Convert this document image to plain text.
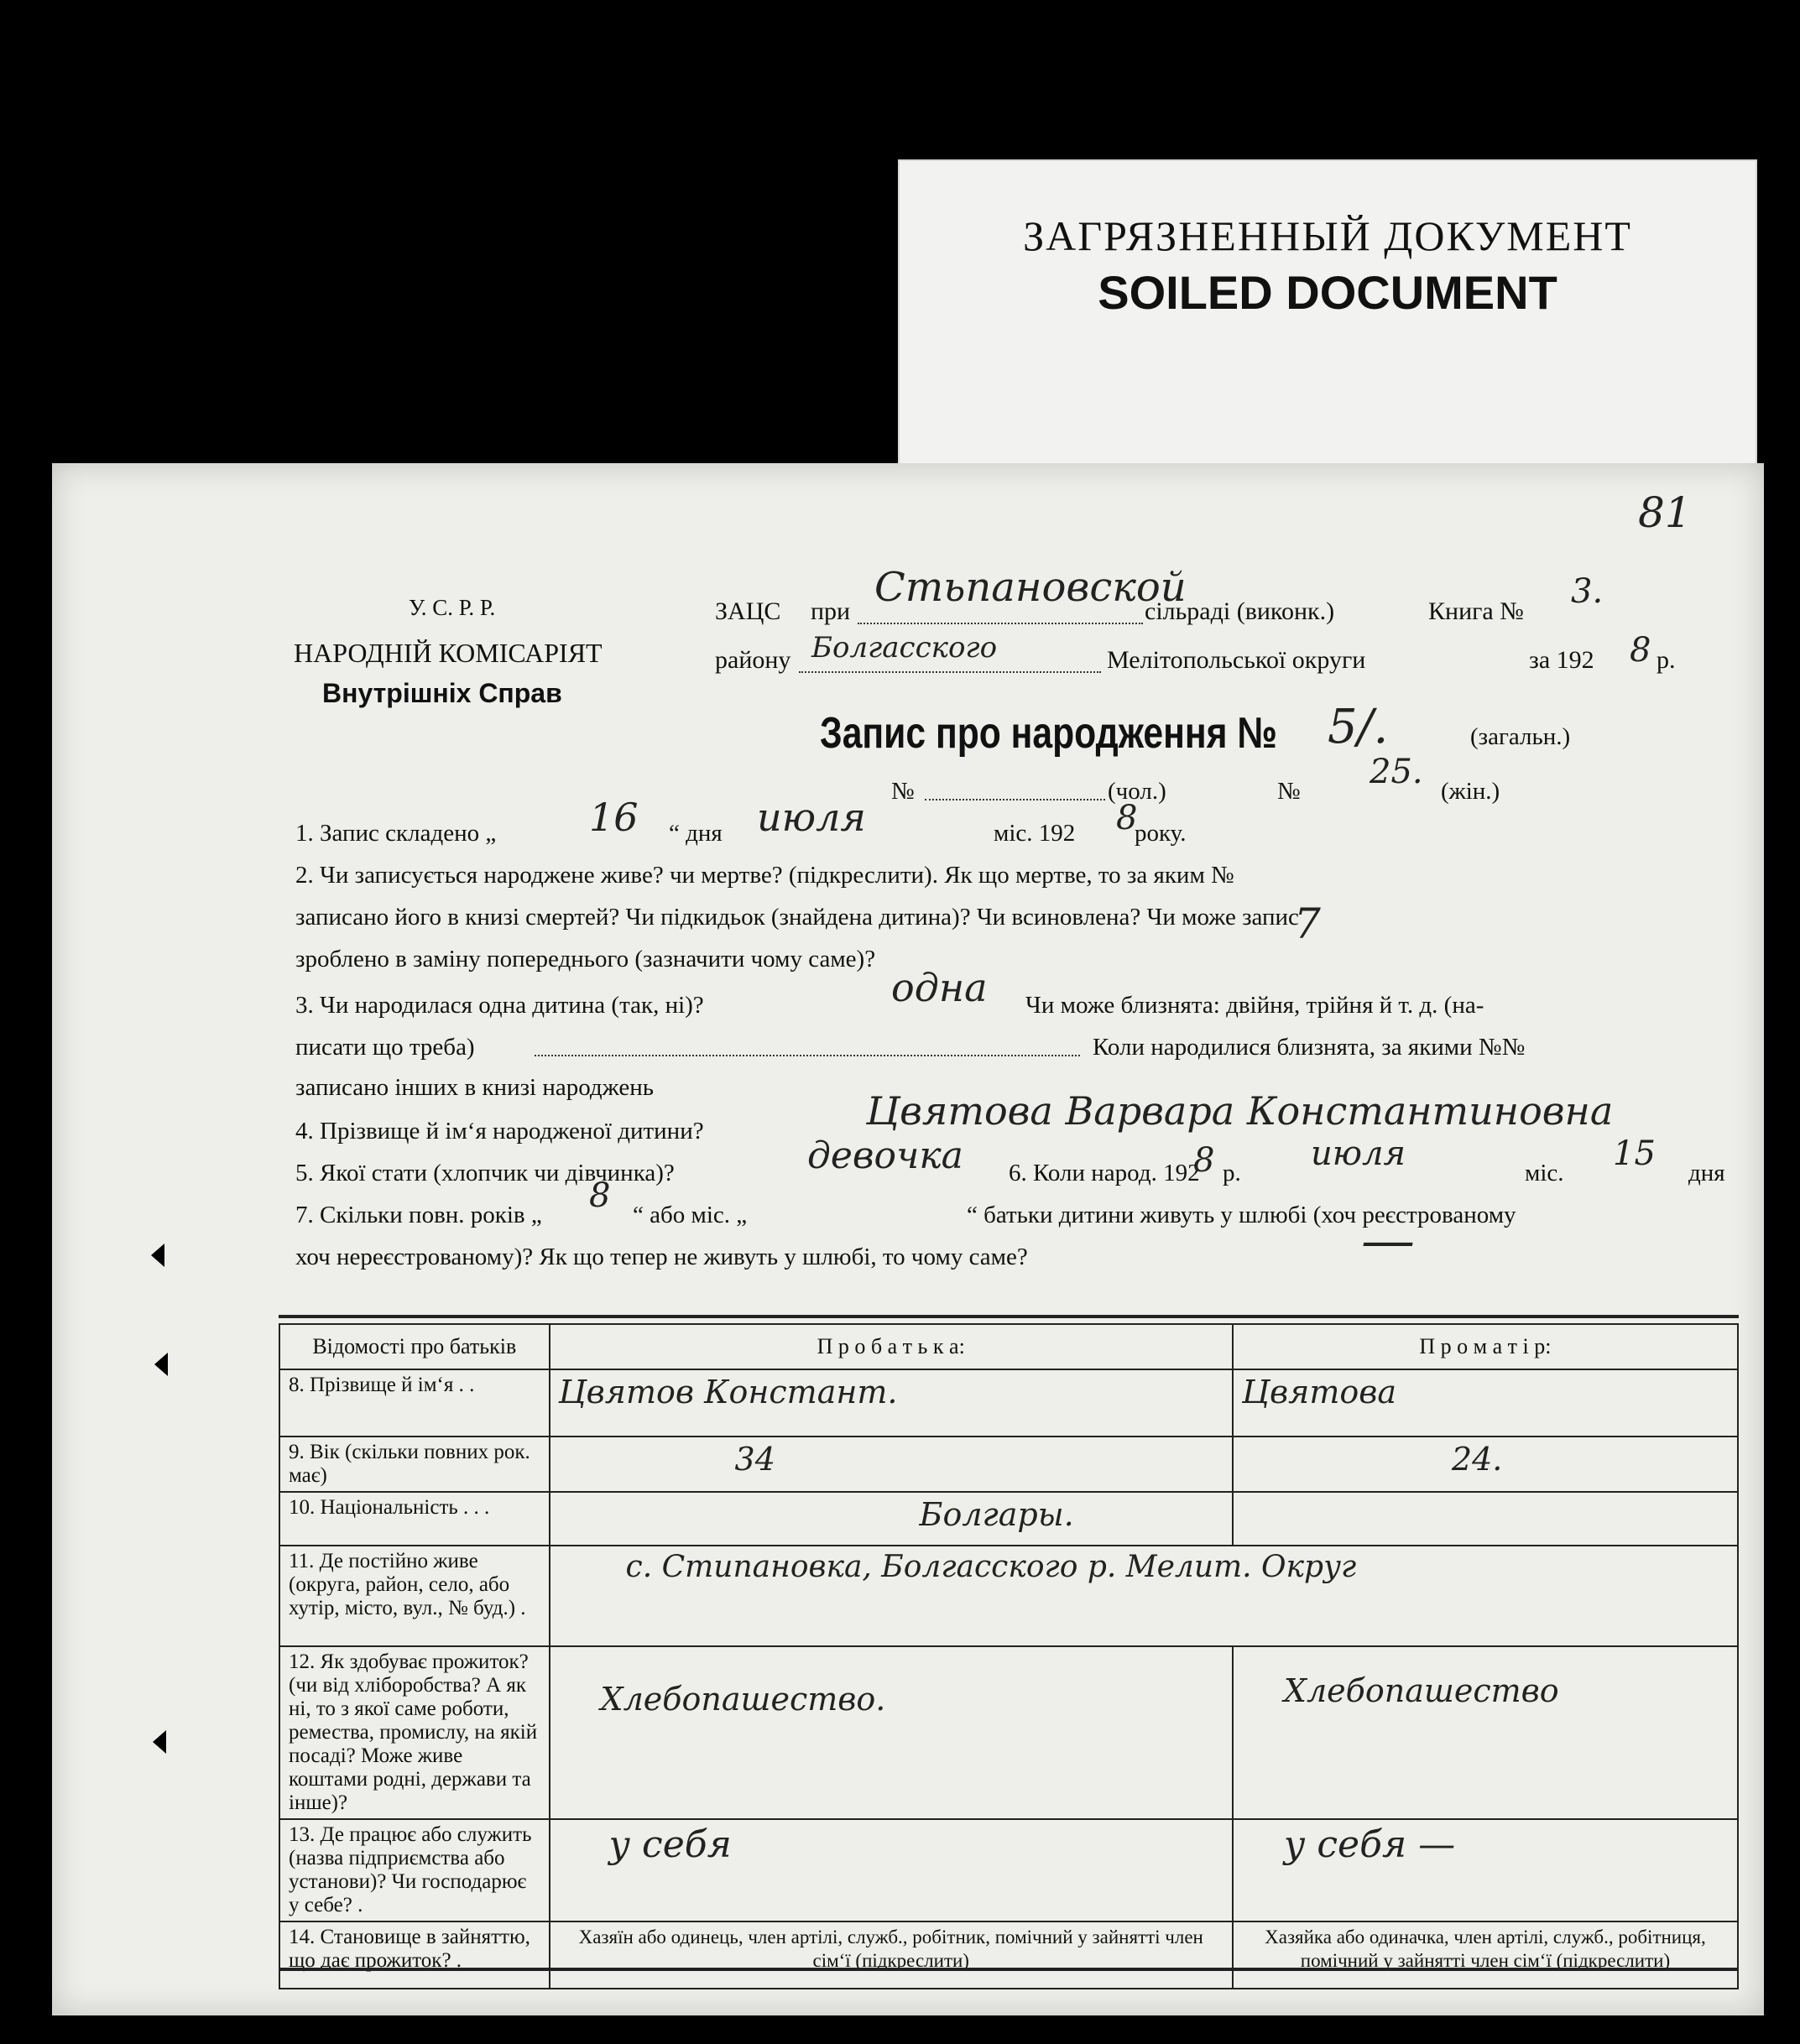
ЗАГРЯЗНЕННЫЙ ДОКУМЕНТ
SOILED DOCUMENT
81
У. С. Р. Р.
НАРОДНІЙ КОМІСАРІЯТ
Внутрішніх Справ
ЗАЦС при
Стьпановской
сільраді (виконк.)	Книга №
3.
району Болгасского	Мелітопольської округи	за 192 8 р.
Запис про народження № 5/.	(загальн.)
№	(чол.)	№ 25. (жін.)
1. Запис складено „ 16 “ дня июля	міс. 192 8
року.
2. Чи записується народжене живе? чи мертве? (підкреслити). Як що мертве, то за яким №
записано його в книзі смертей? Чи підкидьок (знайдена дитина)? Чи всиновлена? Чи може запис
зроблено в заміну попереднього (зазначити чому саме)?
7
3. Чи народилася одна дитина (так, ні)?	одна Чи може близнята: двійня, трійня й т. д. (на-
писати що треба)	Коли народилися близнята, за якими №№
записано інших в книзі народжень
4. Прізвище й ім‘я народженої дитини?	Цвятова Варвара Константиновна
5. Якої стати (хлопчик чи дівчинка)?	девочка 6. Коли народ. 192
8 р. июля	міс. 15 дня
7. Скільки повн. років „ 8 “ або міс. „	“ батьки дитини живуть у шлюбі (хоч реєстрованому
хоч нереєстрованому)? Як що тепер не живуть у шлюбі, то чому саме?	—
Відомості про батьків	П р о б а т ь к а:	П р о м а т і р:
8. Прізвище й ім‘я . .	Цвятов Констант.	Цвятова
9. Вік (скільки повних рок. має)	34	24.
10. Національність . . .	Болгары.	
11. Де постійно живе (округа, район, село, або хутір, місто, вул., № буд.) .	с. Стипановка, Болгасского р. Мелит. Округ	
12. Як здобуває прожиток? (чи від хліборобства? А як ні, то з якої саме роботи, ремества, промислу, на якій посаді? Може живе коштами родні, держави та інше)?	Хлебопашество.	Хлебопашество
13. Де працює або служить (назва підприємства або установи)? Чи господарює у себе? .	у себя	у себя —
14. Становище в зайняттю, що дає прожиток? .	Хазяїн або одинець, член артілі, служб., робітник, помічний у зайнятті член сім‘ї (підкреслити)	Хазяйка або одиначка, член артілі, служб., робітниця, помічний у зайнятті член сім‘ї (підкреслити)
